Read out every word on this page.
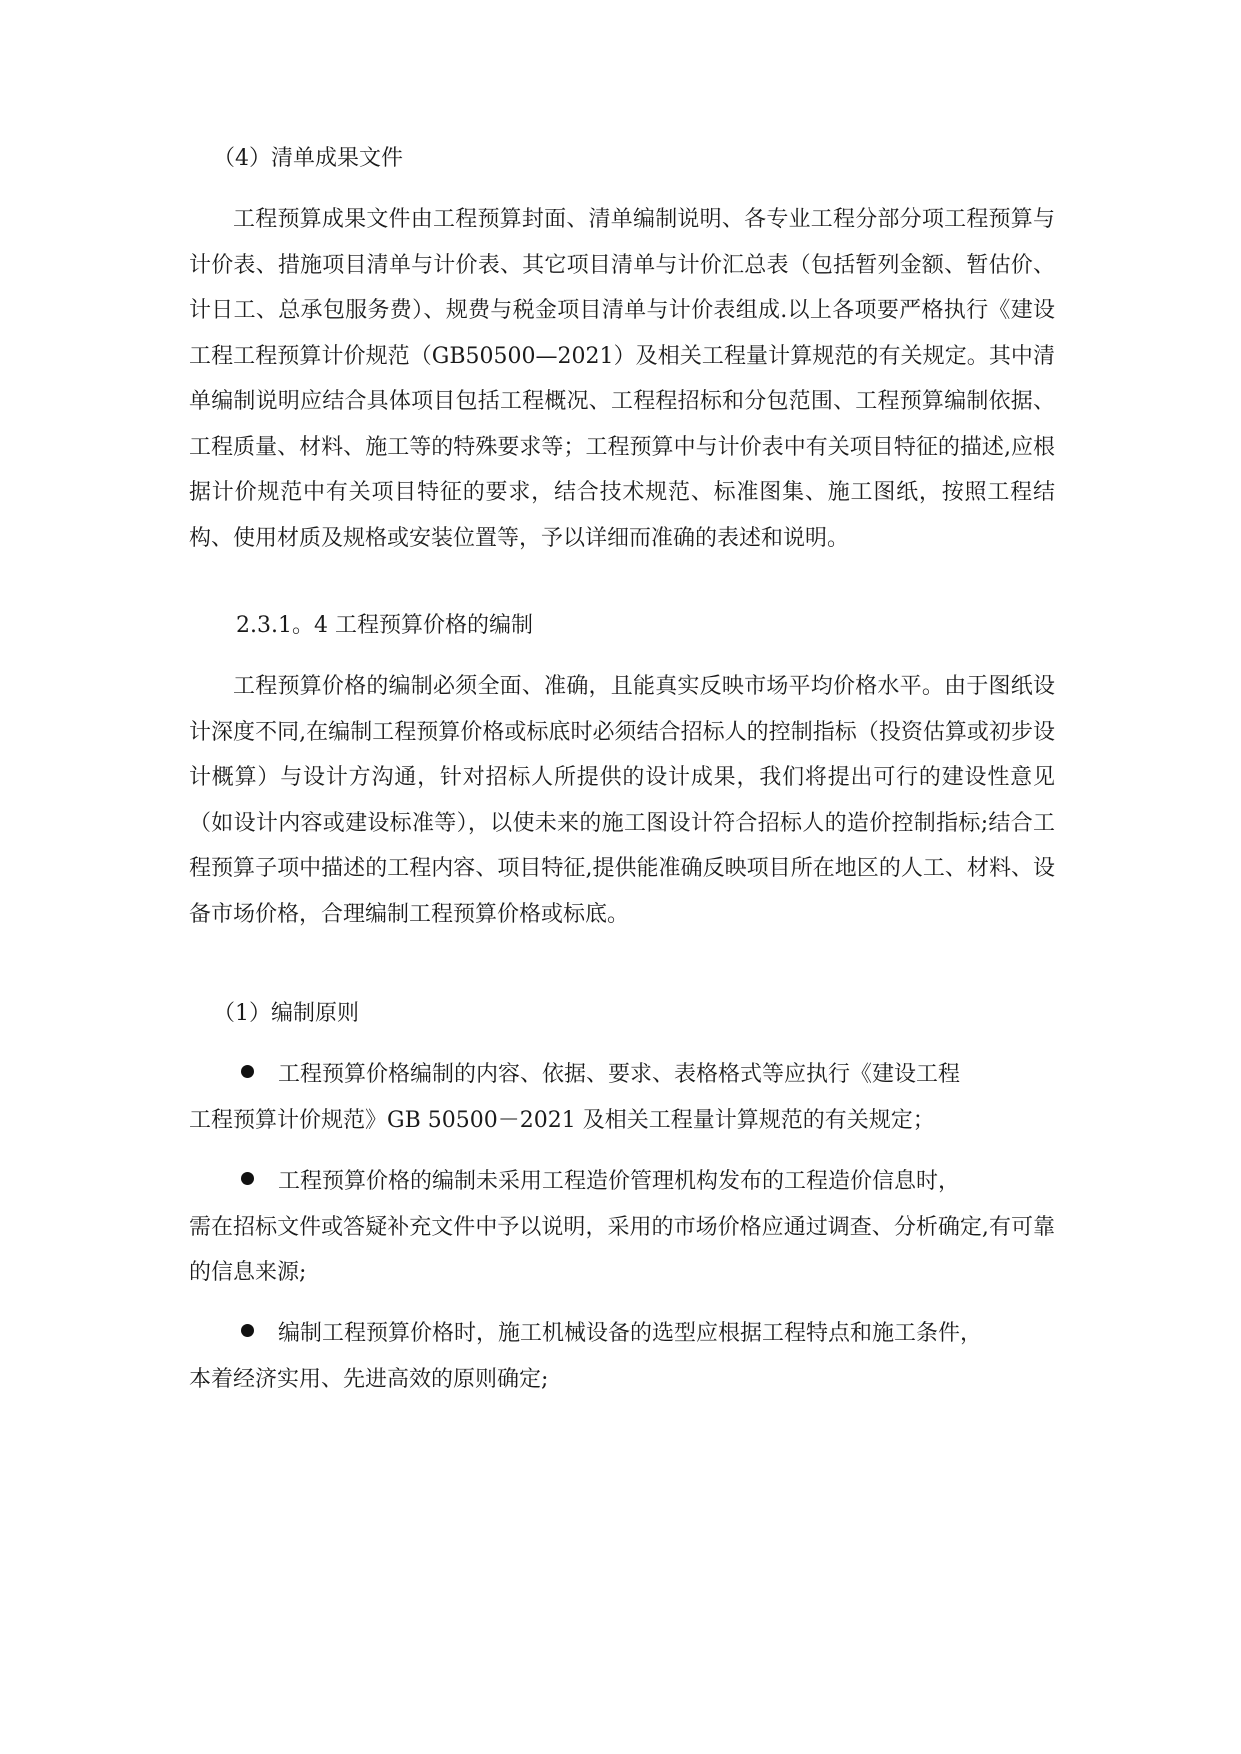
（4）清单成果文件

工程预算成果文件由工程预算封面、清单编制说明、各专业工程分部分项工程预算与计价表、措施项目清单与计价表、其它项目清单与计价汇总表（包括暂列金额、暂估价、计日工、总承包服务费）、规费与税金项目清单与计价表组成.以上各项要严格执行《建设工程工程预算计价规范（GB50500—2021）及相关工程量计算规范的有关规定。其中清单编制说明应结合具体项目包括工程概况、工程程招标和分包范围、工程预算编制依据、工程质量、材料、施工等的特殊要求等；工程预算中与计价表中有关项目特征的描述,应根据计价规范中有关项目特征的要求，结合技术规范、标准图集、施工图纸，按照工程结构、使用材质及规格或安装位置等，予以详细而准确的表述和说明。

2.3.1。4 工程预算价格的编制

工程预算价格的编制必须全面、准确，且能真实反映市场平均价格水平。由于图纸设计深度不同,在编制工程预算价格或标底时必须结合招标人的控制指标（投资估算或初步设计概算）与设计方沟通，针对招标人所提供的设计成果，我们将提出可行的建设性意见（如设计内容或建设标准等），以使未来的施工图设计符合招标人的造价控制指标;结合工程预算子项中描述的工程内容、项目特征,提供能准确反映项目所在地区的人工、材料、设备市场价格，合理编制工程预算价格或标底。

（1）编制原则

工程预算价格编制的内容、依据、要求、表格格式等应执行《建设工程
工程预算计价规范》GB 50500－2021 及相关工程量计算规范的有关规定；
工程预算价格的编制未采用工程造价管理机构发布的工程造价信息时，
需在招标文件或答疑补充文件中予以说明，采用的市场价格应通过调查、分析确定,有可靠的信息来源;
编制工程预算价格时，施工机械设备的选型应根据工程特点和施工条件，
本着经济实用、先进高效的原则确定;
